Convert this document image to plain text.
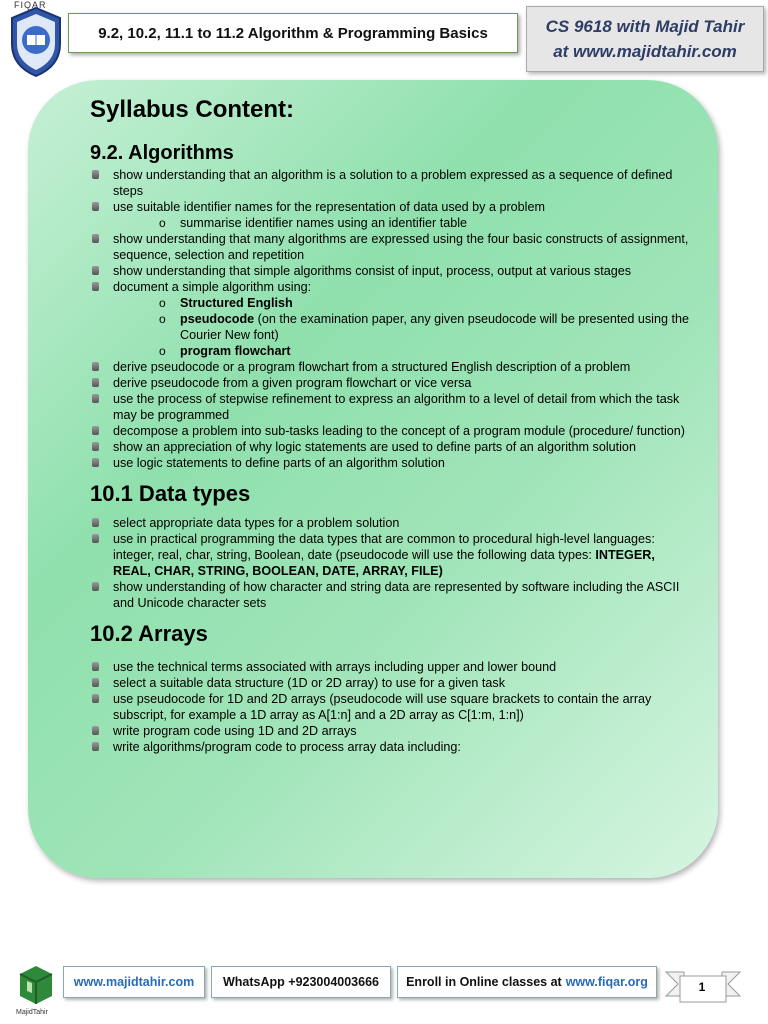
FIQAR
9.2, 10.2, 11.1 to 11.2 Algorithm & Programming Basics	CS 9618 with Majid Tahir
at www.majidtahir.com
Syllabus Content:
9.2. Algorithms
show understanding that an algorithm is a solution to a problem expressed as a sequence of defined steps
use suitable identifier names for the representation of data used by a problem
o summarise identifier names using an identifier table
show understanding that many algorithms are expressed using the four basic constructs of assignment, sequence, selection and repetition
show understanding that simple algorithms consist of input, process, output at various stages
document a simple algorithm using:
o Structured English
o pseudocode (on the examination paper, any given pseudocode will be presented using the Courier New font)
o program flowchart
derive pseudocode or a program flowchart from a structured English description of a problem
derive pseudocode from a given program flowchart or vice versa
use the process of stepwise refinement to express an algorithm to a level of detail from which the task may be programmed
decompose a problem into sub-tasks leading to the concept of a program module (procedure/ function)
show an appreciation of why logic statements are used to define parts of an algorithm solution
use logic statements to define parts of an algorithm solution
10.1 Data types
select appropriate data types for a problem solution
use in practical programming the data types that are common to procedural high-level languages: integer, real, char, string, Boolean, date (pseudocode will use the following data types: INTEGER, REAL, CHAR, STRING, BOOLEAN, DATE, ARRAY, FILE)
show understanding of how character and string data are represented by software including the ASCII and Unicode character sets
10.2 Arrays
use the technical terms associated with arrays including upper and lower bound
select a suitable data structure (1D or 2D array) to use for a given task
use pseudocode for 1D and 2D arrays (pseudocode will use square brackets to contain the array subscript, for example a 1D array as A[1:n] and a 2D array as C[1:m, 1:n])
write program code using 1D and 2D arrays
write algorithms/program code to process array data including:
MajidTahir
www.majidtahir.com	WhatsApp +923004003666	Enroll in Online classes at www.fiqar.org	1
